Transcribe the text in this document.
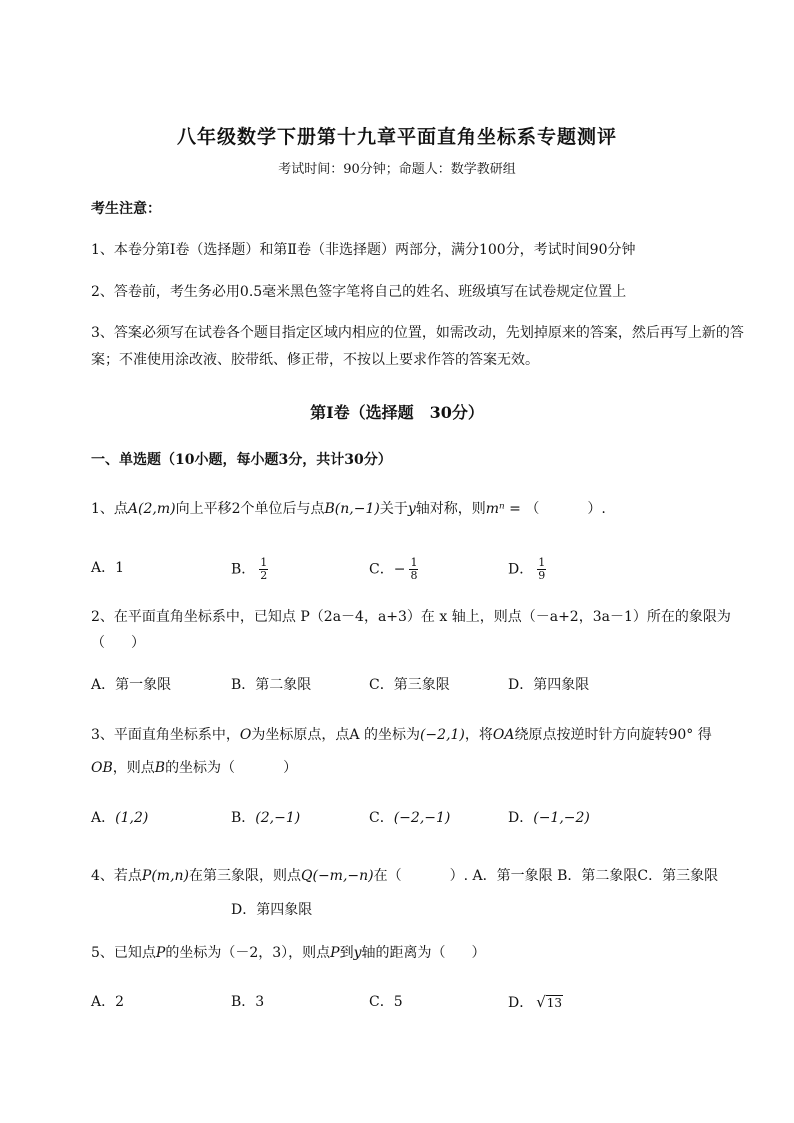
八年级数学下册第十九章平面直角坐标系专题测评
考试时间：90分钟；命题人：数学教研组
考生注意：
1、本卷分第Ⅰ卷（选择题）和第Ⅱ卷（非选择题）两部分，满分100分，考试时间90分钟
2、答卷前，考生务必用0.5毫米黑色签字笔将自己的姓名、班级填写在试卷规定位置上
3、答案必须写在试卷各个题目指定区域内相应的位置，如需改动，先划掉原来的答案，然后再写上新的答案；不准使用涂改液、胶带纸、修正带，不按以上要求作答的答案无效。
第Ⅰ卷（选择题　30分）
一、单选题（10小题，每小题3分，共计30分）
1、点A(2,m)向上平移2个单位后与点B(n,−1)关于y轴对称，则mⁿ = （	）.
A．1	B． $\frac{1}{2}$	C．− $\frac{1}{8}$	D． $\frac{1}{9}$
2、在平面直角坐标系中，已知点 P（2a－4，a+3）在 x 轴上，则点（－a+2，3a－1）所在的象限为
（ ）
A．第一象限	B．第二象限	C．第三象限	D．第四象限
3、平面直角坐标系中，O为坐标原点，点A 的坐标为(−2,1)，将OA绕原点按逆时针方向旋转90° 得
OB，则点B的坐标为（	）
A．(1,2)	B．(2,−1)	C．(−2,−1)	D．(−1,−2)
4、若点P(m,n)在第三象限，则点Q(−m,−n)在（	）. A．第一象限 B．第二象限C．第三象限
D．第四象限
5、已知点P的坐标为（－2，3），则点P到y轴的距离为（ ）
A．2	B．3	C．5	D． √13
